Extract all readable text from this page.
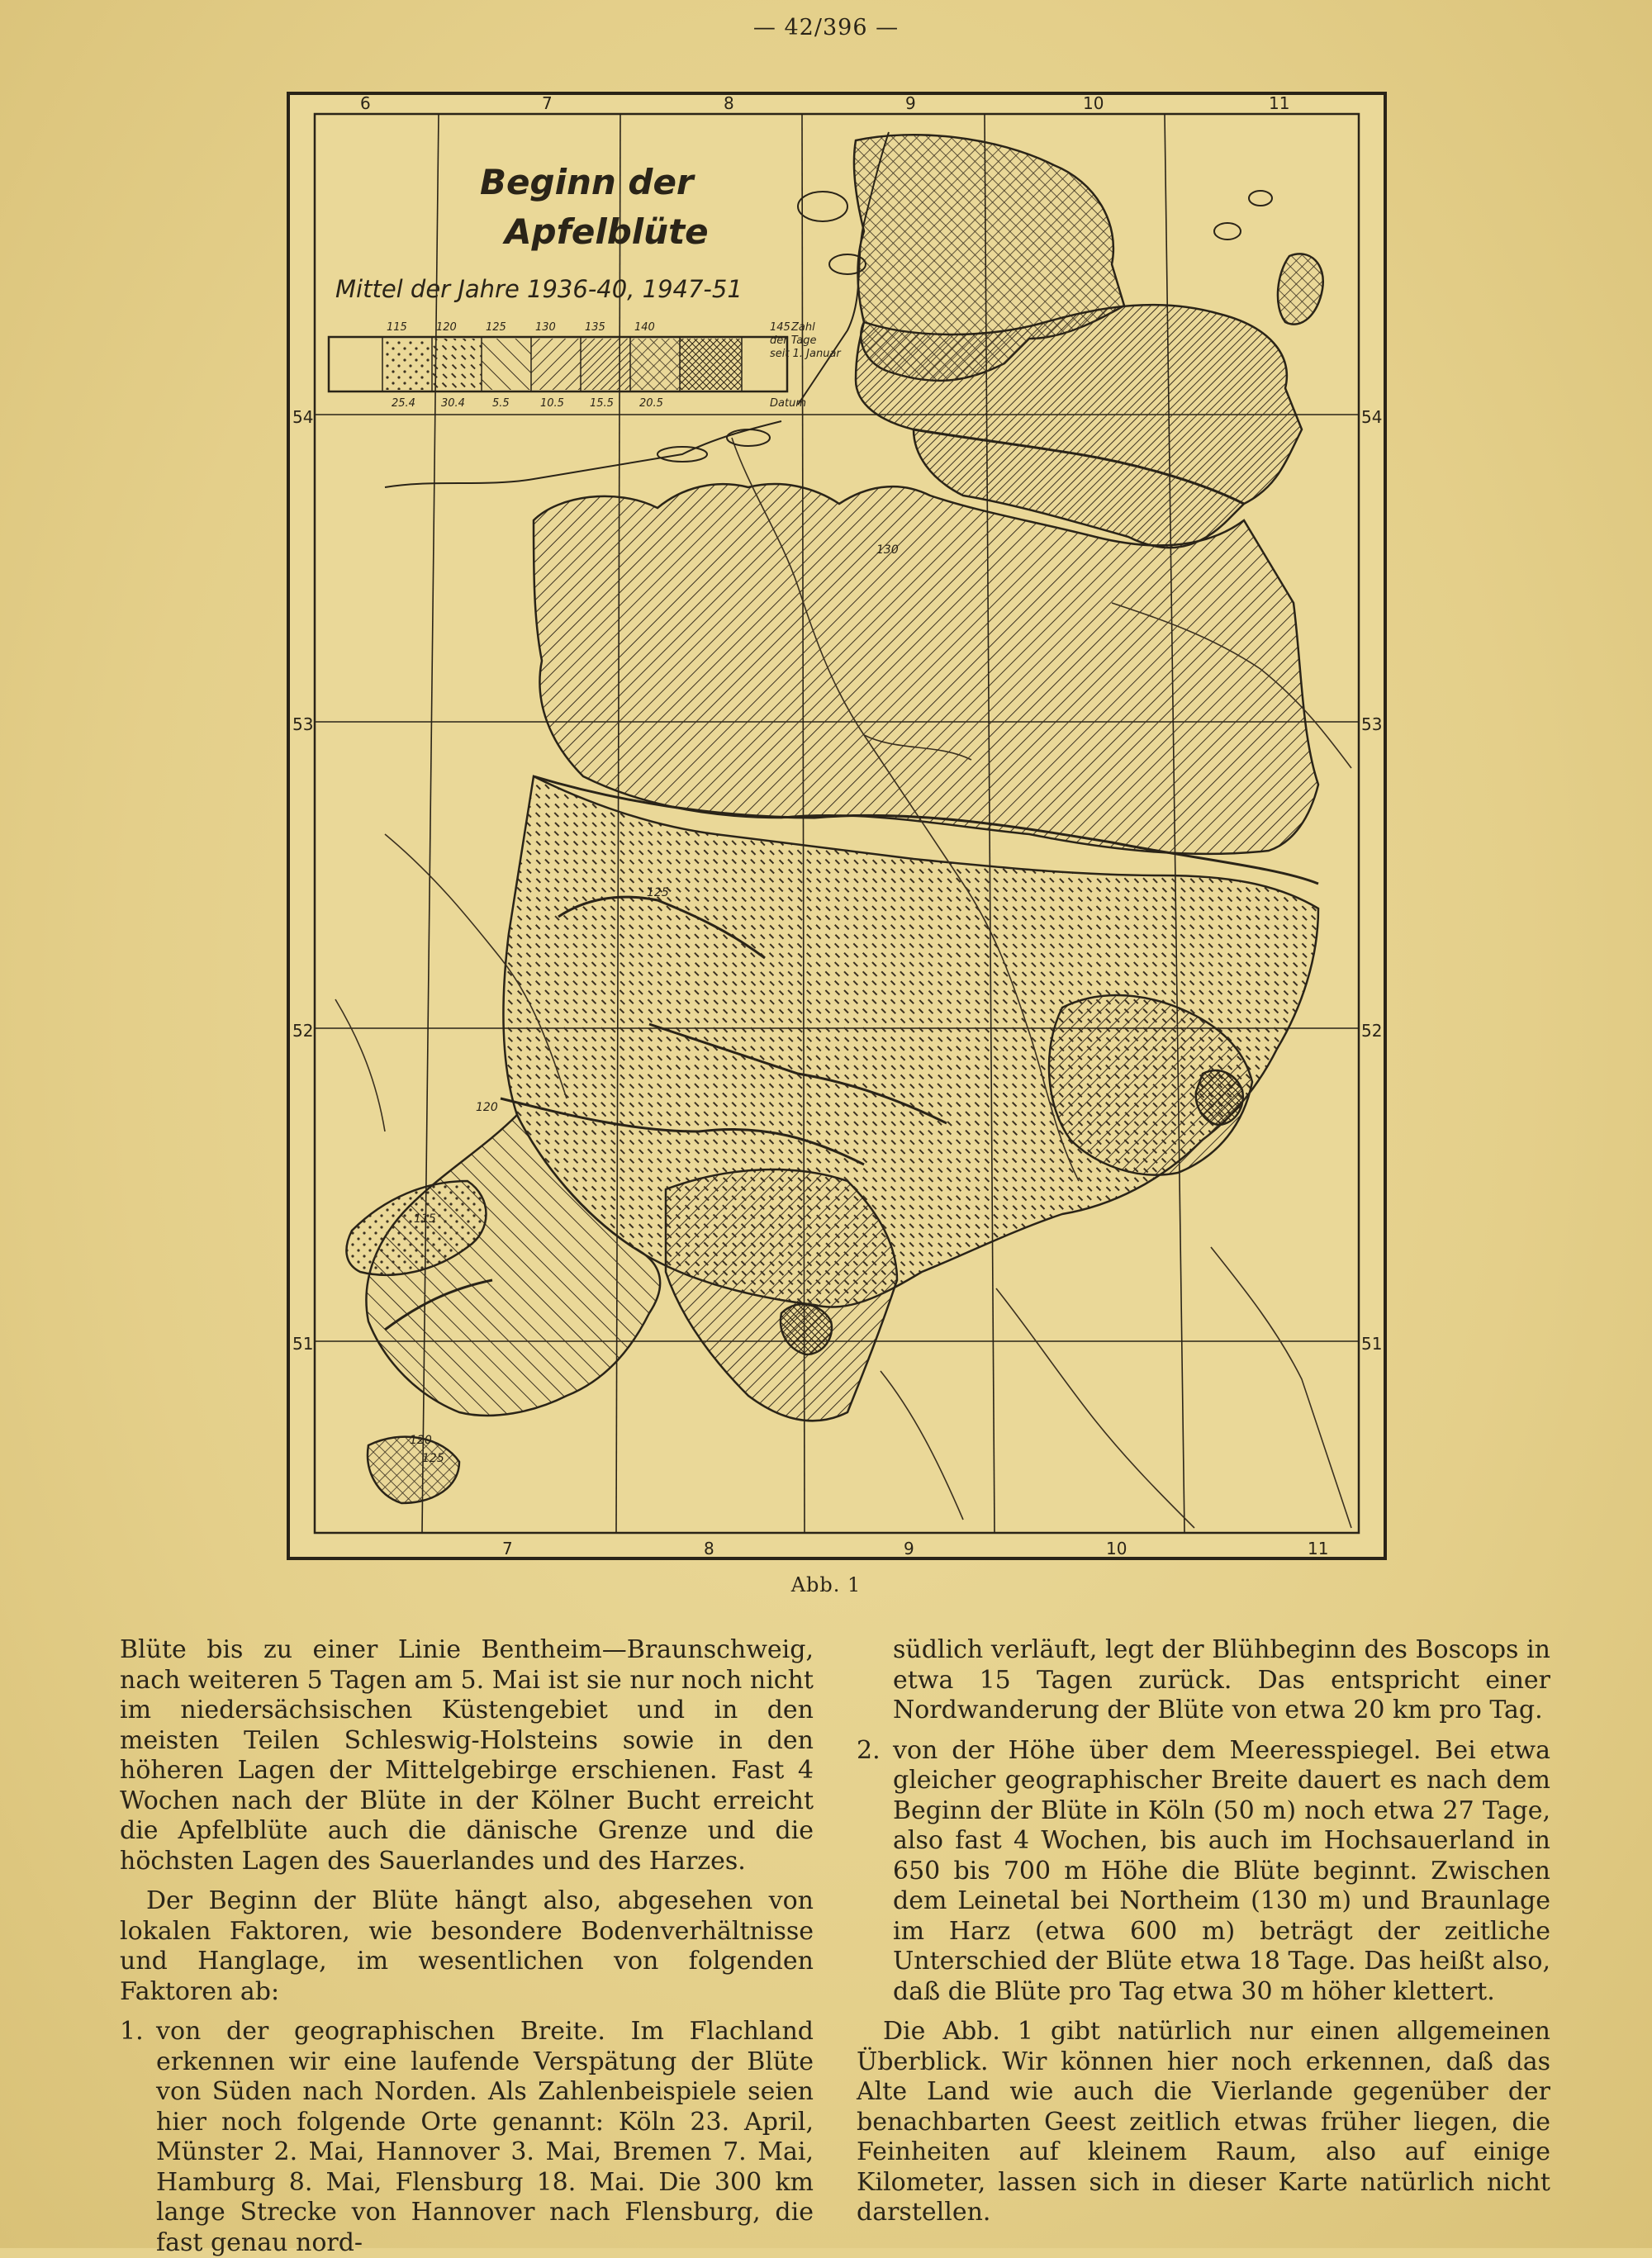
— 42/396 —
Beginn der
Apfelblüte
Mittel der Jahre 1936-40, 1947-51
115	120	125	130	135	140	145
25.4 30.4	5.5	10.5 15.5 20.5
Zahl
der Tage
seit 1. Januar
Datum
6	7	8	9	10	11
7	8	9	10	11
54
53
52
51
54
53
52
51
130
125
120
115
120
125
Abb. 1

Blüte bis zu einer Linie Bentheim—Braunschweig, nach weiteren 5 Tagen am 5. Mai ist sie nur noch nicht im niedersächsischen Küstengebiet und in den meisten Teilen Schleswig-Holsteins sowie in den höheren Lagen der Mittelgebirge erschienen. Fast 4 Wochen nach der Blüte in der Kölner Bucht erreicht die Apfelblüte auch die dänische Grenze und die höchsten Lagen des Sauerlandes und des Harzes.

Der Beginn der Blüte hängt also, abgesehen von lokalen Faktoren, wie besondere Bodenverhältnisse und Hanglage, im wesentlichen von folgenden Faktoren ab:

1. von der geographischen Breite. Im Flachland erkennen wir eine laufende Verspätung der Blüte von Süden nach Norden. Als Zahlenbeispiele seien hier noch folgende Orte genannt: Köln 23. April, Münster 2. Mai, Hannover 3. Mai, Bremen 7. Mai, Hamburg 8. Mai, Flensburg 18. Mai. Die 300 km lange Strecke von Hannover nach Flensburg, die fast genau nord-
südlich verläuft, legt der Blühbeginn des Boscops in etwa 15 Tagen zurück. Das entspricht einer Nordwanderung der Blüte von etwa 20 km pro Tag.
2. von der Höhe über dem Meeresspiegel. Bei etwa gleicher geographischer Breite dauert es nach dem Beginn der Blüte in Köln (50 m) noch etwa 27 Tage, also fast 4 Wochen, bis auch im Hochsauerland in 650 bis 700 m Höhe die Blüte beginnt. Zwischen dem Leinetal bei Northeim (130 m) und Braunlage im Harz (etwa 600 m) beträgt der zeitliche Unterschied der Blüte etwa 18 Tage. Das heißt also, daß die Blüte pro Tag etwa 30 m höher klettert.

Die Abb. 1 gibt natürlich nur einen allgemeinen Überblick. Wir können hier noch erkennen, daß das Alte Land wie auch die Vierlande gegenüber der benachbarten Geest zeitlich etwas früher liegen, die Feinheiten auf kleinem Raum, also auf einige Kilometer, lassen sich in dieser Karte natürlich nicht darstellen.
